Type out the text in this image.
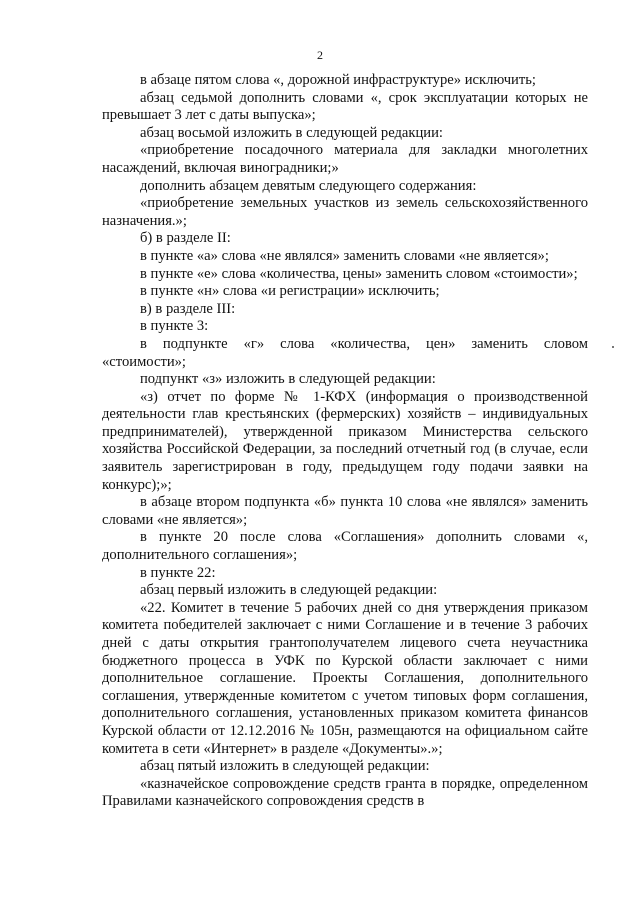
2

в абзаце пятом слова «, дорожной инфраструктуре» исключить;

абзац седьмой дополнить словами «, срок эксплуатации которых не превышает 3 лет с даты выпуска»;

абзац восьмой изложить в следующей редакции:

«приобретение посадочного материала для закладки многолетних насаждений, включая виноградники;»

дополнить абзацем девятым следующего содержания:

«приобретение земельных участков из земель сельскохозяйственного назначения.»;

б) в разделе II:

в пункте «а» слова «не являлся» заменить словами «не является»;

в пункте «е» слова «количества, цены» заменить словом «стоимости»;

в пункте «н» слова «и регистрации» исключить;

в) в разделе III:

в пункте 3:

в подпункте «г» слова «количества, цен» заменить словом «стоимости»;

подпункт «з» изложить в следующей редакции:

«з) отчет по форме № 1-КФХ (информация о производственной деятельности глав крестьянских (фермерских) хозяйств – индивидуальных предпринимателей), утвержденной приказом Министерства сельского хозяйства Российской Федерации, за последний отчетный год (в случае, если заявитель зарегистрирован в году, предыдущем году подачи заявки на конкурс);»;

в абзаце втором подпункта «б» пункта 10 слова «не являлся» заменить словами «не является»;

в пункте 20 после слова «Соглашения» дополнить словами «, дополнительного соглашения»;

в пункте 22:

абзац первый изложить в следующей редакции:

«22. Комитет в течение 5 рабочих дней со дня утверждения приказом комитета победителей заключает с ними Соглашение и в течение 3 рабочих дней с даты открытия грантополучателем лицевого счета неучастника бюджетного процесса в УФК по Курской области заключает с ними дополнительное соглашение. Проекты Соглашения, дополнительного соглашения, утвержденные комитетом с учетом типовых форм соглашения, дополнительного соглашения, установленных приказом комитета финансов Курской области от 12.12.2016 № 105н, размещаются на официальном сайте комитета в сети «Интернет» в разделе «Документы».»;

абзац пятый изложить в следующей редакции:

«казначейское сопровождение средств гранта в порядке, определенном Правилами казначейского сопровождения средств в
